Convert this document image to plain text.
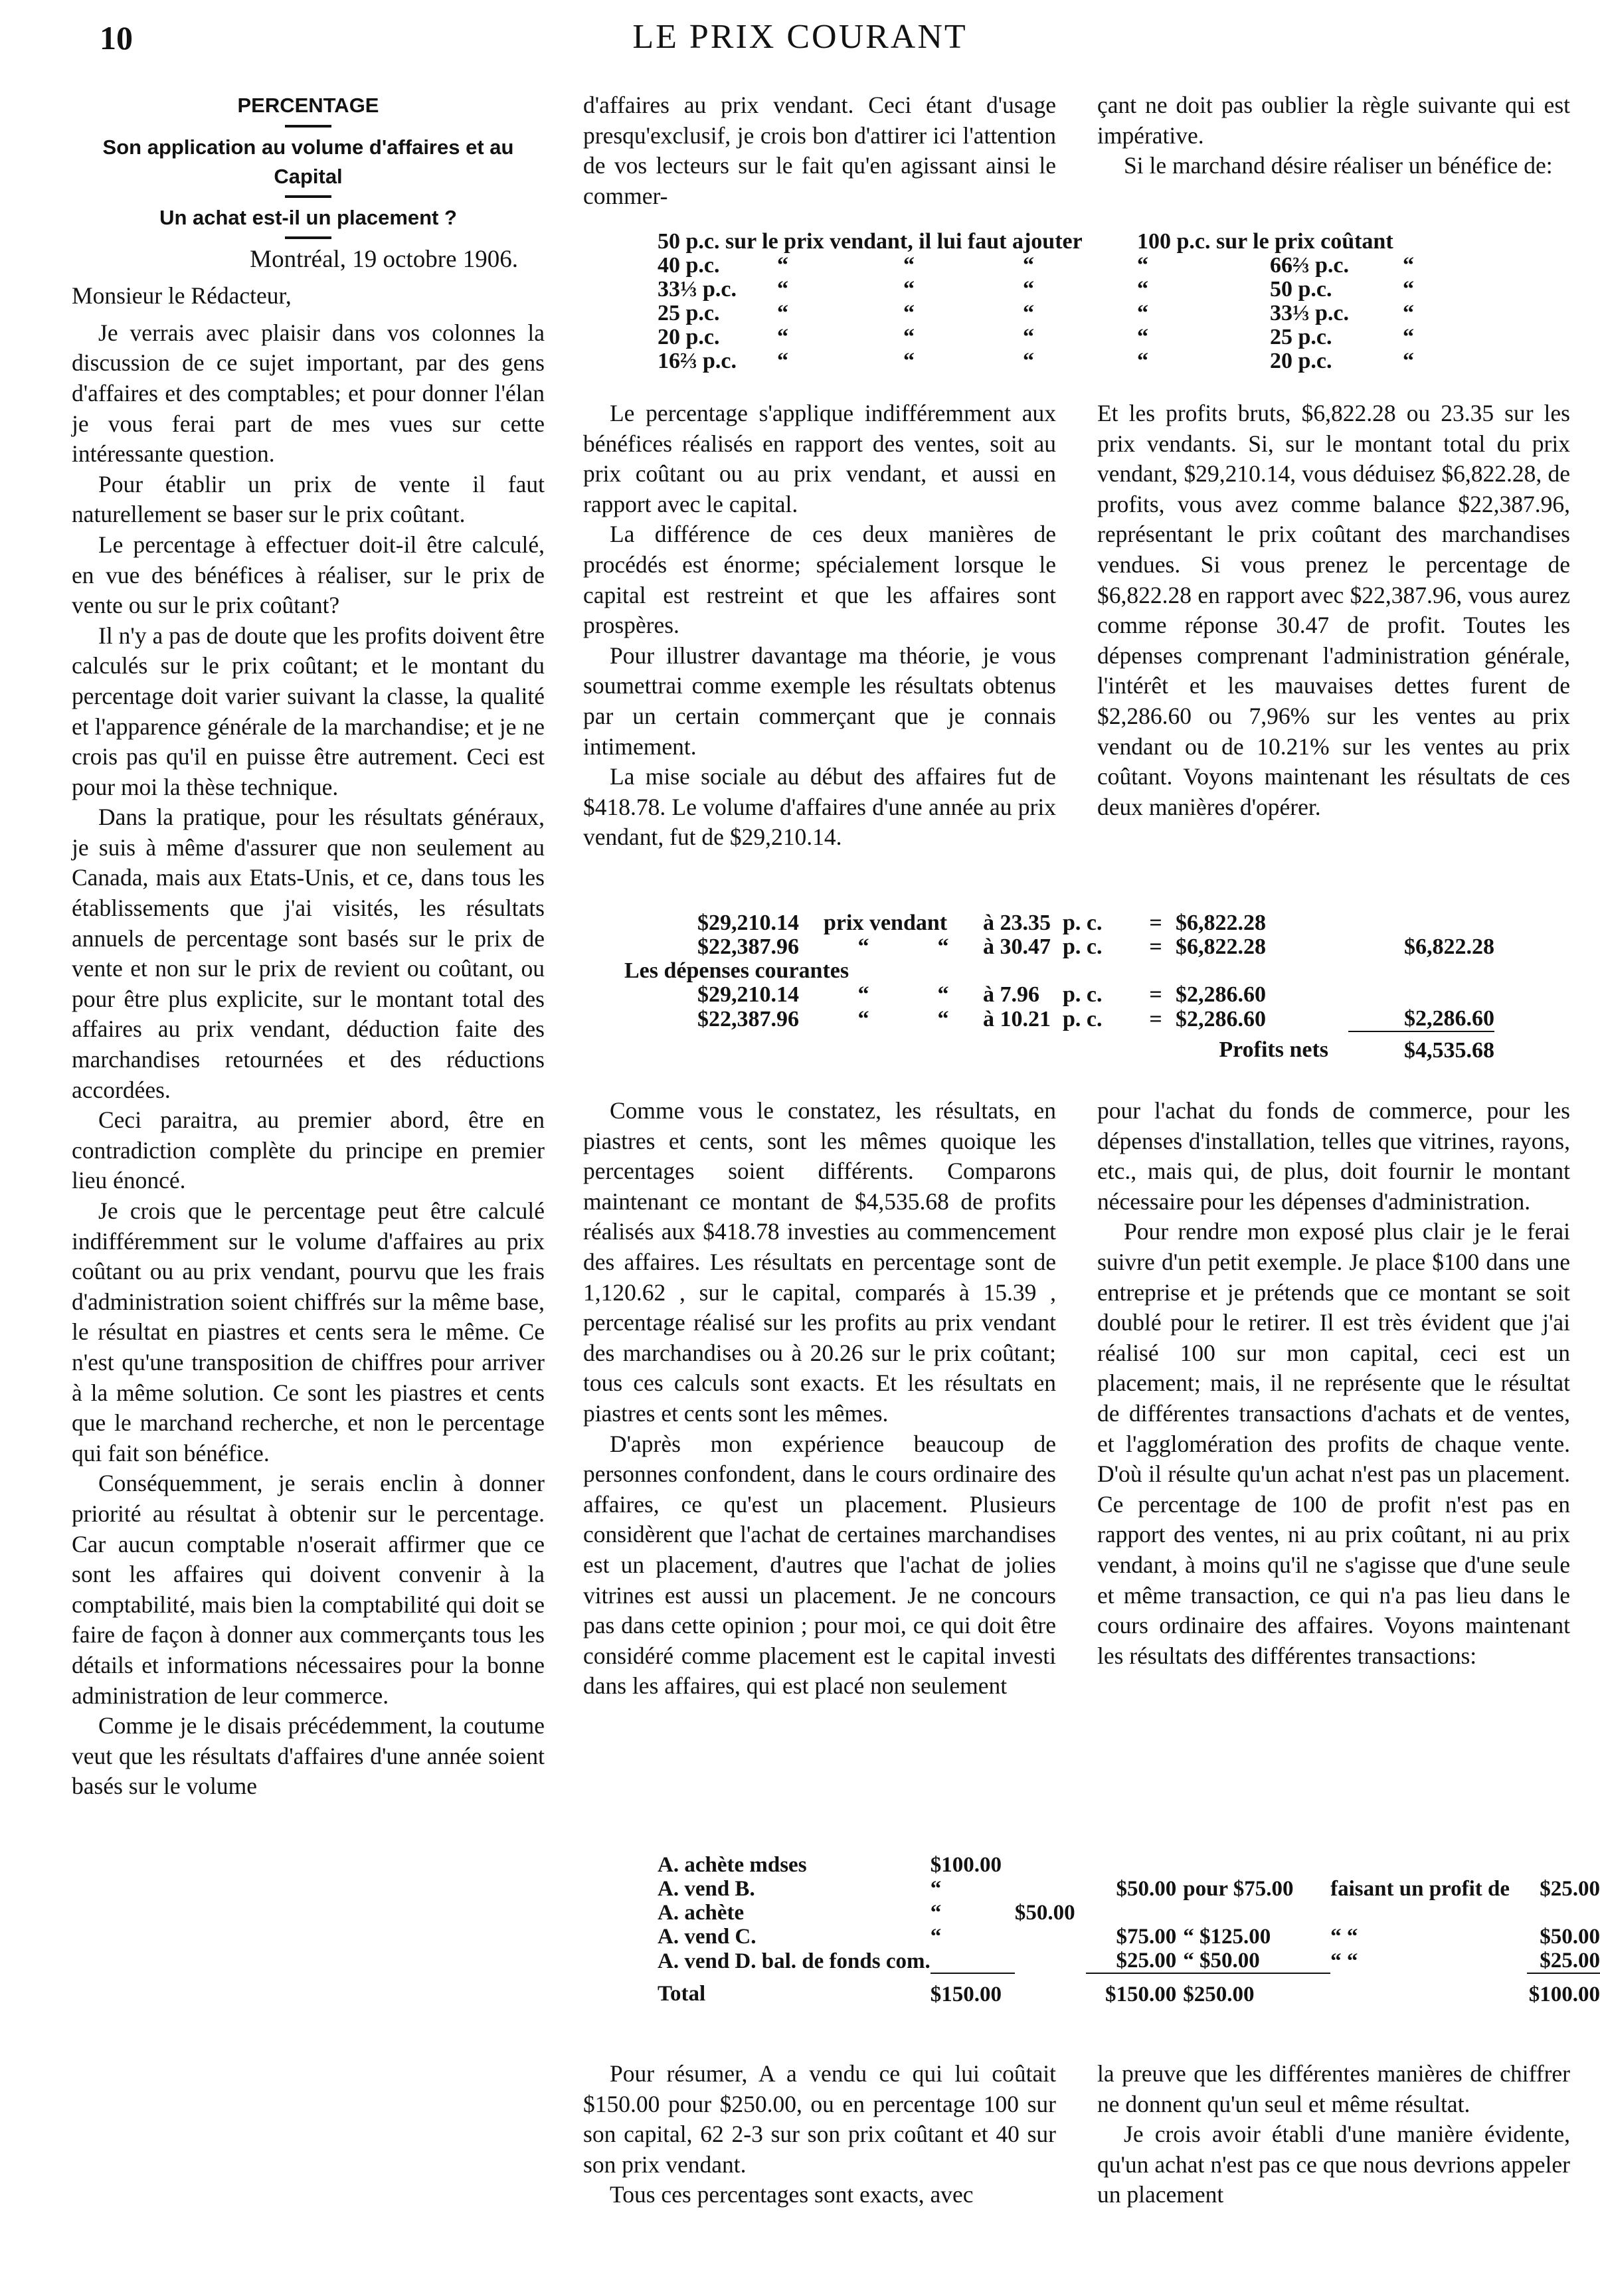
10	LE PRIX COURANT
PERCENTAGE
Son application au volume d'affaires et au Capital
Un achat est-il un placement ?

Montréal, 19 octobre 1906.

Monsieur le Rédacteur,

Je verrais avec plaisir dans vos colonnes la discussion de ce sujet important, par des gens d'affaires et des comptables; et pour donner l'élan je vous ferai part de mes vues sur cette intéressante question.

Pour établir un prix de vente il faut naturellement se baser sur le prix coûtant.

Le percentage à effectuer doit-il être calculé, en vue des bénéfices à réaliser, sur le prix de vente ou sur le prix coûtant?

Il n'y a pas de doute que les profits doivent être calculés sur le prix coûtant; et le montant du percentage doit varier suivant la classe, la qualité et l'apparence générale de la marchandise; et je ne crois pas qu'il en puisse être autrement. Ceci est pour moi la thèse technique.

Dans la pratique, pour les résultats généraux, je suis à même d'assurer que non seulement au Canada, mais aux Etats-Unis, et ce, dans tous les établissements que j'ai visités, les résultats annuels de percentage sont basés sur le prix de vente et non sur le prix de revient ou coûtant, ou pour être plus explicite, sur le montant total des affaires au prix vendant, déduction faite des marchandises retournées et des réductions accordées.

Ceci paraitra, au premier abord, être en contradiction complète du principe en premier lieu énoncé.

Je crois que le percentage peut être calculé indifféremment sur le volume d'affaires au prix coûtant ou au prix vendant, pourvu que les frais d'administration soient chiffrés sur la même base, le résultat en piastres et cents sera le même. Ce n'est qu'une transposition de chiffres pour arriver à la même solution. Ce sont les piastres et cents que le marchand recherche, et non le percentage qui fait son bénéfice.

Conséquemment, je serais enclin à donner priorité au résultat à obtenir sur le percentage. Car aucun comptable n'oserait affirmer que ce sont les affaires qui doivent convenir à la comptabilité, mais bien la comptabilité qui doit se faire de façon à donner aux commerçants tous les détails et informations nécessaires pour la bonne administration de leur commerce.

Comme je le disais précédemment, la coutume veut que les résultats d'affaires d'une année soient basés sur le volume

d'affaires au prix vendant. Ceci étant d'usage presqu'exclusif, je crois bon d'attirer ici l'attention de vos lecteurs sur le fait qu'en agissant ainsi le commer-

çant ne doit pas oublier la règle suivante qui est impérative.

Si le marchand désire réaliser un bénéfice de:

50 p.c. sur le prix vendant, il lui faut ajouter				100 p.c. sur le prix coûtant		
40 p.c.	“	“	“	“	66⅔ p.c.	“
33⅓ p.c.	“	“	“	“	50 p.c.	“
25 p.c.	“	“	“	“	33⅓ p.c.	“
20 p.c.	“	“	“	“	25 p.c.	“
16⅔ p.c.	“	“	“	“	20 p.c.	“

Le percentage s'applique indifféremment aux bénéfices réalisés en rapport des ventes, soit au prix coûtant ou au prix vendant, et aussi en rapport avec le capital.

La différence de ces deux manières de procédés est énorme; spécialement lorsque le capital est restreint et que les affaires sont prospères.

Pour illustrer davantage ma théorie, je vous soumettrai comme exemple les résultats obtenus par un certain commerçant que je connais intimement.

La mise sociale au début des affaires fut de $418.78. Le volume d'affaires d'une année au prix vendant, fut de $29,210.14.

Et les profits bruts, $6,822.28 ou 23.35 sur les prix vendants. Si, sur le montant total du prix vendant, $29,210.14, vous déduisez $6,822.28, de profits, vous avez comme balance $22,387.96, représentant le prix coûtant des marchandises vendues. Si vous prenez le percentage de $6,822.28 en rapport avec $22,387.96, vous aurez comme réponse 30.47 de profit. Toutes les dépenses comprenant l'administration générale, l'intérêt et les mauvaises dettes furent de $2,286.60 ou 7,96% sur les ventes au prix vendant ou de 10.21% sur les ventes au prix coûtant. Voyons maintenant les résultats de ces deux manières d'opérer.

	$29,210.14	prix vendant		à 23.35	p. c.	=	$6,822.28	
	$22,387.96	“	“	à 30.47	p. c.	=	$6,822.28	$6,822.28
Les dépenses courantes								
	$29,210.14	“	“	à 7.96	p. c.	=	$2,286.60	
	$22,387.96	“	“	à 10.21	p. c.	=	$2,286.60	$2,286.60
						Profits nets		$4,535.68

Comme vous le constatez, les résultats, en piastres et cents, sont les mêmes quoique les percentages soient différents. Comparons maintenant ce montant de $4,535.68 de profits réalisés aux $418.78 investies au commencement des affaires. Les résultats en percentage sont de 1,120.62 , sur le capital, comparés à 15.39 , percentage réalisé sur les profits au prix vendant des marchandises ou à 20.26 sur le prix coûtant; tous ces calculs sont exacts. Et les résultats en piastres et cents sont les mêmes.

D'après mon expérience beaucoup de personnes confondent, dans le cours ordinaire des affaires, ce qu'est un placement. Plusieurs considèrent que l'achat de certaines marchandises est un placement, d'autres que l'achat de jolies vitrines est aussi un placement. Je ne concours pas dans cette opinion ; pour moi, ce qui doit être considéré comme placement est le capital investi dans les affaires, qui est placé non seulement

pour l'achat du fonds de commerce, pour les dépenses d'installation, telles que vitrines, rayons, etc., mais qui, de plus, doit fournir le montant nécessaire pour les dépenses d'administration.

Pour rendre mon exposé plus clair je le ferai suivre d'un petit exemple. Je place $100 dans une entreprise et je prétends que ce montant se soit doublé pour le retirer. Il est très évident que j'ai réalisé 100 sur mon capital, ceci est un placement; mais, il ne représente que le résultat de différentes transactions d'achats et de ventes, et l'agglomération des profits de chaque vente. D'où il résulte qu'un achat n'est pas un placement. Ce percentage de 100 de profit n'est pas en rapport des ventes, ni au prix coûtant, ni au prix vendant, à moins qu'il ne s'agisse que d'une seule et même transaction, ce qui n'a pas lieu dans le cours ordinaire des affaires. Voyons maintenant les résultats des différentes transactions:

A. achète mdses	$100.00					
A. vend B.	“		$50.00	pour $75.00	faisant un profit de	$25.00
A. achète	“	$50.00				
A. vend C.	“		$75.00	“ $125.00	“ “	$50.00
A. vend D. bal. de fonds com.			$25.00	“ $50.00	“ “	$25.00
Total	$150.00		$150.00	$250.00		$100.00

Pour résumer, A a vendu ce qui lui coûtait $150.00 pour $250.00, ou en percentage 100 sur son capital, 62 2-3 sur son prix coûtant et 40 sur son prix vendant.

Tous ces percentages sont exacts, avec

la preuve que les différentes manières de chiffrer ne donnent qu'un seul et même résultat.

Je crois avoir établi d'une manière évidente, qu'un achat n'est pas ce que nous devrions appeler un placement
